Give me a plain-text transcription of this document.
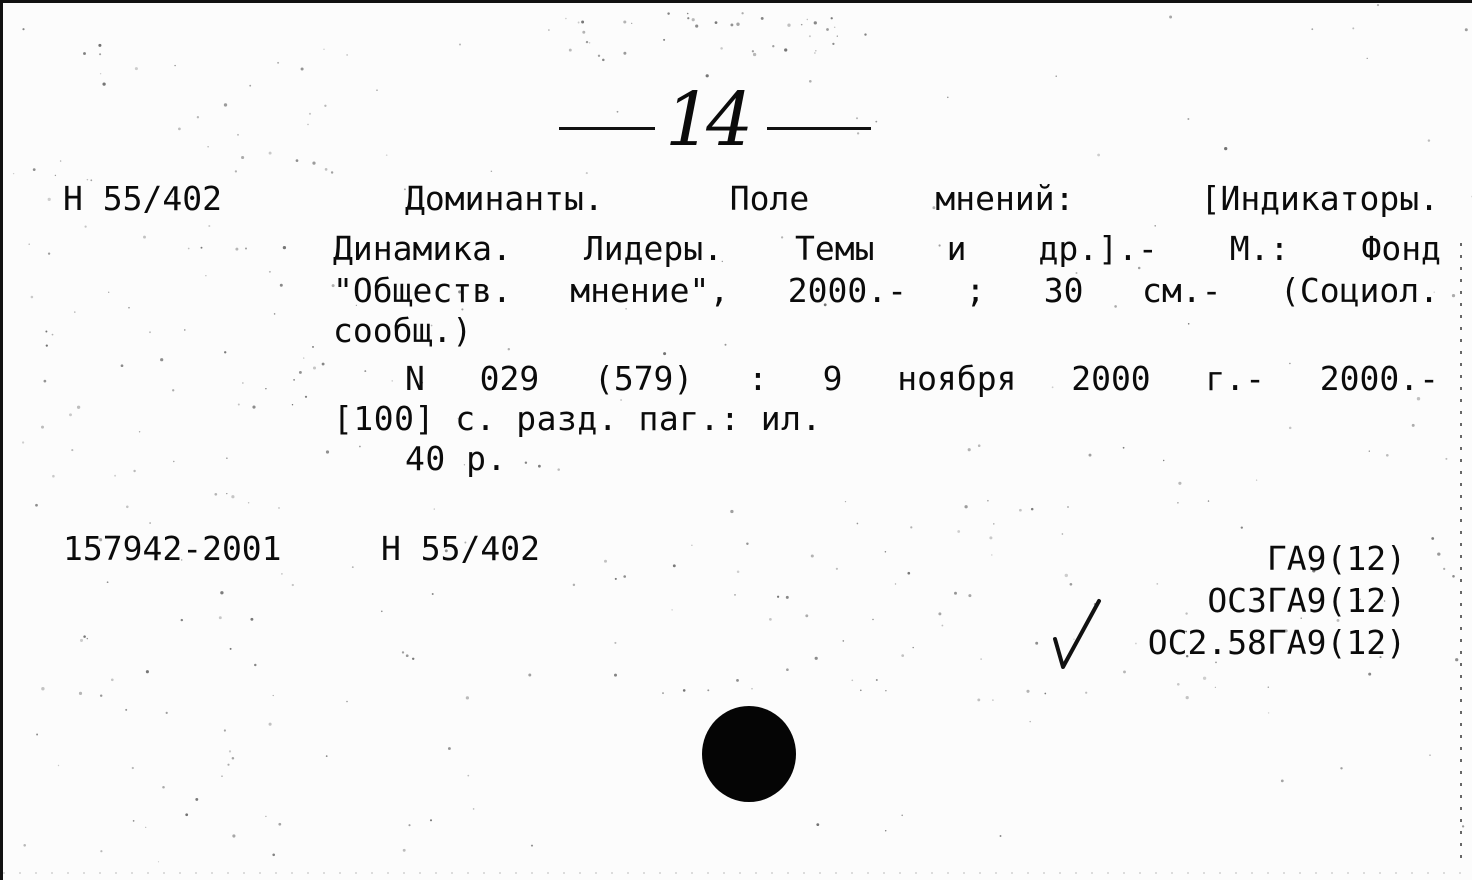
14
Н 55/402	Доминанты.	Поле	мнений:	[Индикаторы.
Динамика. Лидеры. Темы и др.].- М.: Фонд
"Обществ. мнение", 2000.- ; 30 см.- (Социол.
сообщ.)
N 029 (579) : 9 ноября 2000 г.- 2000.-
[100] с. разд. паг.: ил.
40 р.
157942-2001	Н 55/402	ГА9(12)
ОС3ГА9(12)
ОС2.58ГА9(12)
